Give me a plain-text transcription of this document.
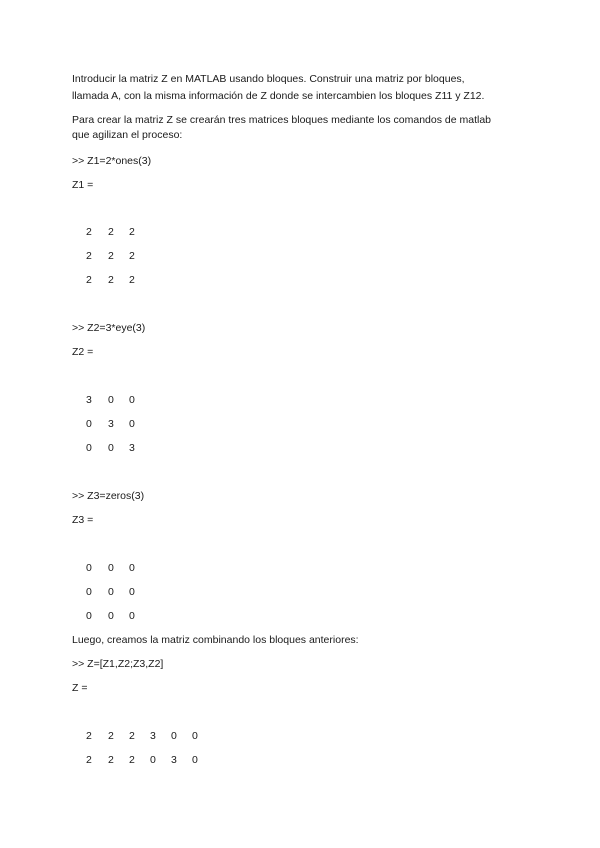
Introducir la matriz Z en MATLAB usando bloques. Construir una matriz por bloques,
llamada A, con la misma información de Z donde se intercambien los bloques Z11 y Z12.
Para crear la matriz Z se crearán tres matrices bloques mediante los comandos de matlab
que agilizan el proceso:
>> Z1=2*ones(3)
Z1 =
2	2	2
2	2	2
2	2	2
>> Z2=3*eye(3)
Z2 =
3	0	0
0	3	0
0	0	3
>> Z3=zeros(3)
Z3 =
0	0	0
0	0	0
0	0	0
Luego, creamos la matriz combinando los bloques anteriores:
>> Z=[Z1,Z2;Z3,Z2]
Z =
2	2	2	3	0	0
2	2	2	0	3	0
